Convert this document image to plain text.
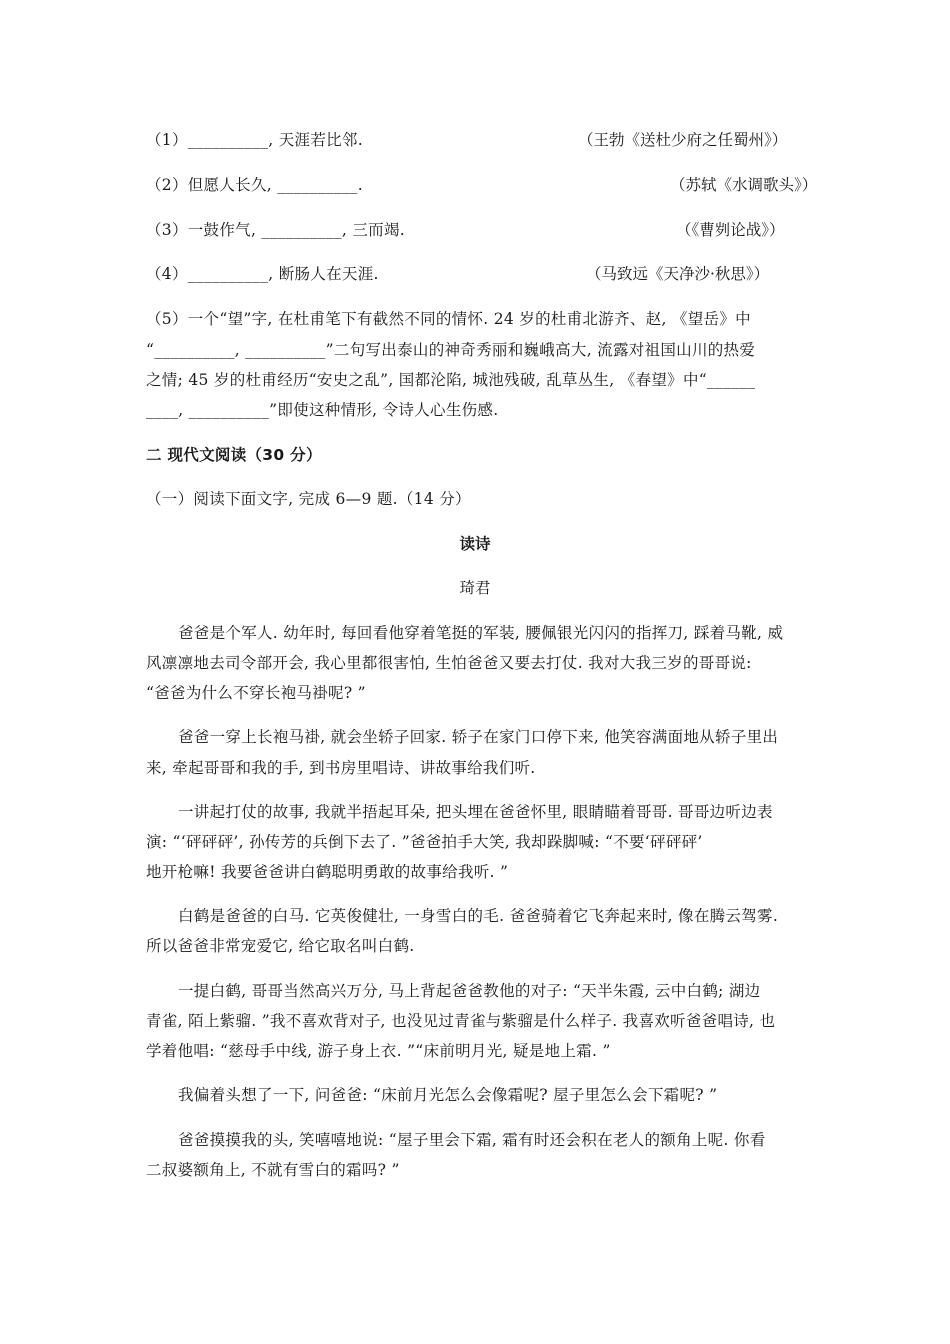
（1）__________, 天涯若比邻.	（王勃《送杜少府之任蜀州》）
（2）但愿人长久, __________.	（苏轼《水调歌头》）
（3）一鼓作气, __________, 三而竭.	（《曹刿论战》）
（4）__________, 断肠人在天涯.	（马致远《天净沙·秋思》）
（5）一个“望”字, 在杜甫笔下有截然不同的情怀. 24 岁的杜甫北游齐、赵, 《望岳》中
“__________, __________”二句写出泰山的神奇秀丽和巍峨高大, 流露对祖国山川的热爱
之情; 45 岁的杜甫经历“安史之乱”, 国都沦陷, 城池残破, 乱草丛生, 《春望》中“______
____, __________”即使这种情形, 令诗人心生伤感.
二 现代文阅读（30 分）
（一）阅读下面文字, 完成 6—9 题.（14 分）
读诗
琦君
爸爸是个军人. 幼年时, 每回看他穿着笔挺的军装, 腰佩银光闪闪的指挥刀, 踩着马靴, 威
风凛凛地去司令部开会, 我心里都很害怕, 生怕爸爸又要去打仗. 我对大我三岁的哥哥说:
“爸爸为什么不穿长袍马褂呢? ”
爸爸一穿上长袍马褂, 就会坐轿子回家. 轿子在家门口停下来, 他笑容满面地从轿子里出
来, 牵起哥哥和我的手, 到书房里唱诗、讲故事给我们听.
一讲起打仗的故事, 我就半捂起耳朵, 把头埋在爸爸怀里, 眼睛瞄着哥哥. 哥哥边听边表
演: “‘砰砰砰’, 孙传芳的兵倒下去了. ”爸爸拍手大笑, 我却跺脚喊: “不要‘砰砰砰’
地开枪嘛! 我要爸爸讲白鹤聪明勇敢的故事给我听. ”
白鹤是爸爸的白马. 它英俊健壮, 一身雪白的毛. 爸爸骑着它飞奔起来时, 像在腾云驾雾.
所以爸爸非常宠爱它, 给它取名叫白鹤.
一提白鹤, 哥哥当然高兴万分, 马上背起爸爸教他的对子: “天半朱霞, 云中白鹤; 湖边
青雀, 陌上紫骝. ”我不喜欢背对子, 也没见过青雀与紫骝是什么样子. 我喜欢听爸爸唱诗, 也
学着他唱: “慈母手中线, 游子身上衣. ”“床前明月光, 疑是地上霜. ”
我偏着头想了一下, 问爸爸: “床前月光怎么会像霜呢? 屋子里怎么会下霜呢? ”
爸爸摸摸我的头, 笑嘻嘻地说: “屋子里会下霜, 霜有时还会积在老人的额角上呢. 你看
二叔婆额角上, 不就有雪白的霜吗? ”
